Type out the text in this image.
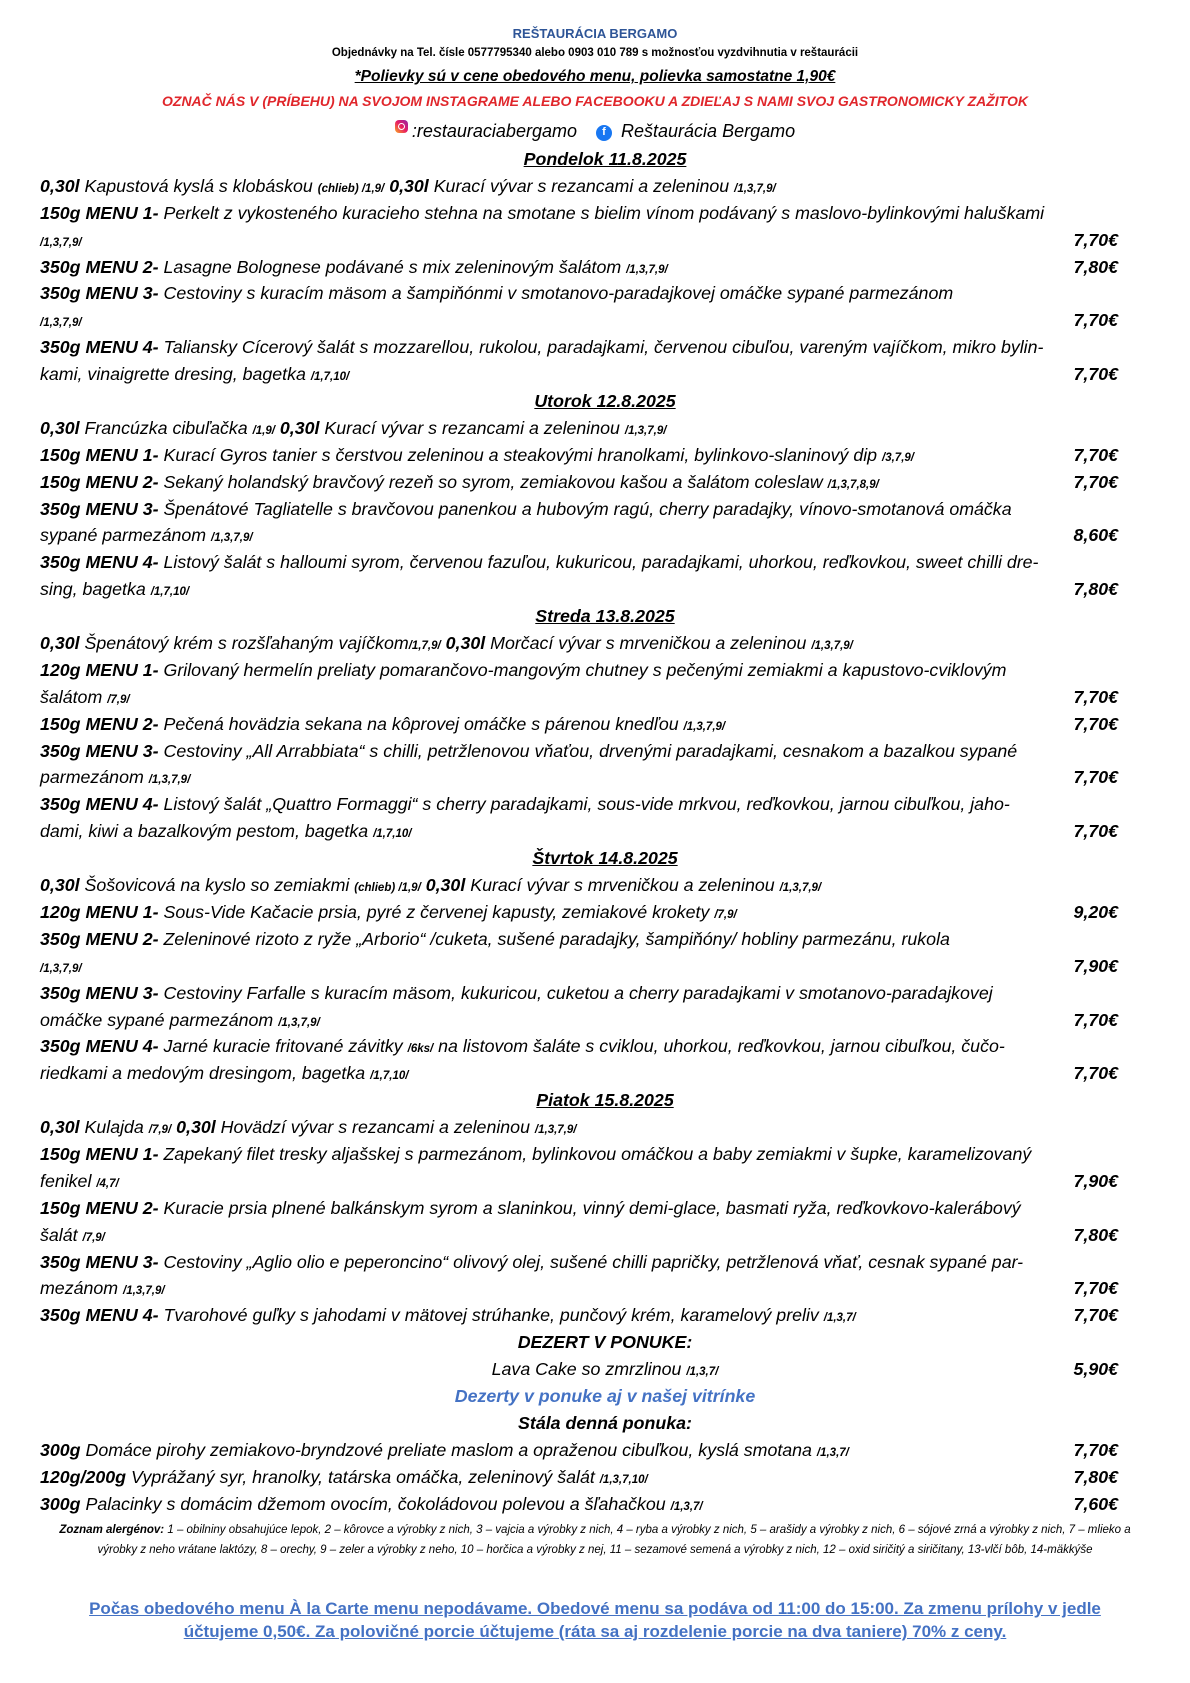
REŠTAURÁCIA BERGAMO
Objednávky na Tel. čísle 0577795340 alebo 0903 010 789 s možnosťou vyzdvihnutia v reštaurácii
*Polievky sú v cene obedového menu, polievka samostatne 1,90€
OZNAČ NÁS V (PRÍBEHU) NA SVOJOM INSTAGRAME ALEBO FACEBOOKU A ZDIEĽAJ S NAMI SVOJ GASTRONOMICKY ZAŽITOK
:restauraciabergamo f Reštaurácia Bergamo
Pondelok 11.8.2025
0,30l Kapustová kyslá s klobáskou (chlieb) /1,9/ 0,30l Kurací vývar s rezancami a zeleninou /1,3,7,9/
150g MENU 1- Perkelt z vykosteného kuracieho stehna na smotane s bielim vínom podávaný s maslovo-bylinkovými haluškami
/1,3,7,9/	7,70€
350g MENU 2- Lasagne Bolognese podávané s mix zeleninovým šalátom /1,3,7,9/	7,80€
350g MENU 3- Cestoviny s kuracím mäsom a šampiňónmi v smotanovo-paradajkovej omáčke sypané parmezánom
/1,3,7,9/	7,70€
350g MENU 4- Taliansky Cícerový šalát s mozzarellou, rukolou, paradajkami, červenou cibuľou, vareným vajíčkom, mikro bylin-
kami, vinaigrette dresing, bagetka /1,7,10/	7,70€
Utorok 12.8.2025
0,30l Francúzka cibuľačka /1,9/ 0,30l Kurací vývar s rezancami a zeleninou /1,3,7,9/
150g MENU 1- Kurací Gyros tanier s čerstvou zeleninou a steakovými hranolkami, bylinkovo-slaninový dip /3,7,9/	7,70€
150g MENU 2- Sekaný holandský bravčový rezeň so syrom, zemiakovou kašou a šalátom coleslaw /1,3,7,8,9/	7,70€
350g MENU 3- Špenátové Tagliatelle s bravčovou panenkou a hubovým ragú, cherry paradajky, vínovo-smotanová omáčka
sypané parmezánom /1,3,7,9/	8,60€
350g MENU 4- Listový šalát s halloumi syrom, červenou fazuľou, kukuricou, paradajkami, uhorkou, reďkovkou, sweet chilli dre-
sing, bagetka /1,7,10/	7,80€
Streda 13.8.2025
0,30l Špenátový krém s rozšľahaným vajíčkom/1,7,9/ 0,30l Morčací vývar s mrveničkou a zeleninou /1,3,7,9/
120g MENU 1- Grilovaný hermelín preliaty pomarančovo-mangovým chutney s pečenými zemiakmi a kapustovo-cviklovým
šalátom /7,9/	7,70€
150g MENU 2- Pečená hovädzia sekana na kôprovej omáčke s párenou knedľou /1,3,7,9/	7,70€
350g MENU 3- Cestoviny „All Arrabbiata“ s chilli, petržlenovou vňaťou, drvenými paradajkami, cesnakom a bazalkou sypané
parmezánom /1,3,7,9/	7,70€
350g MENU 4- Listový šalát „Quattro Formaggi“ s cherry paradajkami, sous-vide mrkvou, reďkovkou, jarnou cibuľkou, jaho-
dami, kiwi a bazalkovým pestom, bagetka /1,7,10/	7,70€
Štvrtok 14.8.2025
0,30l Šošovicová na kyslo so zemiakmi (chlieb) /1,9/ 0,30l Kurací vývar s mrveničkou a zeleninou /1,3,7,9/
120g MENU 1- Sous-Vide Kačacie prsia, pyré z červenej kapusty, zemiakové krokety /7,9/	9,20€
350g MENU 2- Zeleninové rizoto z ryže „Arborio“ /cuketa, sušené paradajky, šampiňóny/ hobliny parmezánu, rukola
/1,3,7,9/	7,90€
350g MENU 3- Cestoviny Farfalle s kuracím mäsom, kukuricou, cuketou a cherry paradajkami v smotanovo-paradajkovej
omáčke sypané parmezánom /1,3,7,9/	7,70€
350g MENU 4- Jarné kuracie fritované závitky /6ks/ na listovom šaláte s cviklou, uhorkou, reďkovkou, jarnou cibuľkou, čučo-
riedkami a medovým dresingom, bagetka /1,7,10/	7,70€
Piatok 15.8.2025
0,30l Kulajda /7,9/ 0,30l Hovädzí vývar s rezancami a zeleninou /1,3,7,9/
150g MENU 1- Zapekaný filet tresky aljašskej s parmezánom, bylinkovou omáčkou a baby zemiakmi v šupke, karamelizovaný
fenikel /4,7/	7,90€
150g MENU 2- Kuracie prsia plnené balkánskym syrom a slaninkou, vinný demi-glace, basmati ryža, reďkovkovo-kalerábový
šalát /7,9/	7,80€
350g MENU 3- Cestoviny „Aglio olio e peperoncino“ olivový olej, sušené chilli papričky, petržlenová vňať, cesnak sypané par-
mezánom /1,3,7,9/	7,70€
350g MENU 4- Tvarohové guľky s jahodami v mätovej strúhanke, punčový krém, karamelový preliv /1,3,7/	7,70€
DEZERT V PONUKE:
Lava Cake so zmrzlinou /1,3,7/	5,90€
Dezerty v ponuke aj v našej vitrínke
Stála denná ponuka:
300g Domáce pirohy zemiakovo-bryndzové preliate maslom a opraženou cibuľkou, kyslá smotana /1,3,7/	7,70€
120g/200g Vyprážaný syr, hranolky, tatárska omáčka, zeleninový šalát /1,3,7,10/	7,80€
300g Palacinky s domácim džemom ovocím, čokoládovou polevou a šľahačkou /1,3,7/	7,60€
Zoznam alergénov: 1 – obilniny obsahujúce lepok, 2 – kôrovce a výrobky z nich, 3 – vajcia a výrobky z nich, 4 – ryba a výrobky z nich, 5 – arašidy a výrobky z nich, 6 – sójové zrná a výrobky z nich, 7 – mlieko a výrobky z neho vrátane laktózy, 8 – orechy, 9 – zeler a výrobky z neho, 10 – horčica a výrobky z nej, 11 – sezamové semená a výrobky z nich, 12 – oxid siričitý a siričitany, 13-vlčí bôb, 14-mäkkýše
Počas obedového menu À la Carte menu nepodávame. Obedové menu sa podáva od 11:00 do 15:00. Za zmenu prílohy v jedle účtujeme 0,50€. Za polovičné porcie účtujeme (ráta sa aj rozdelenie porcie na dva taniere) 70% z ceny.
